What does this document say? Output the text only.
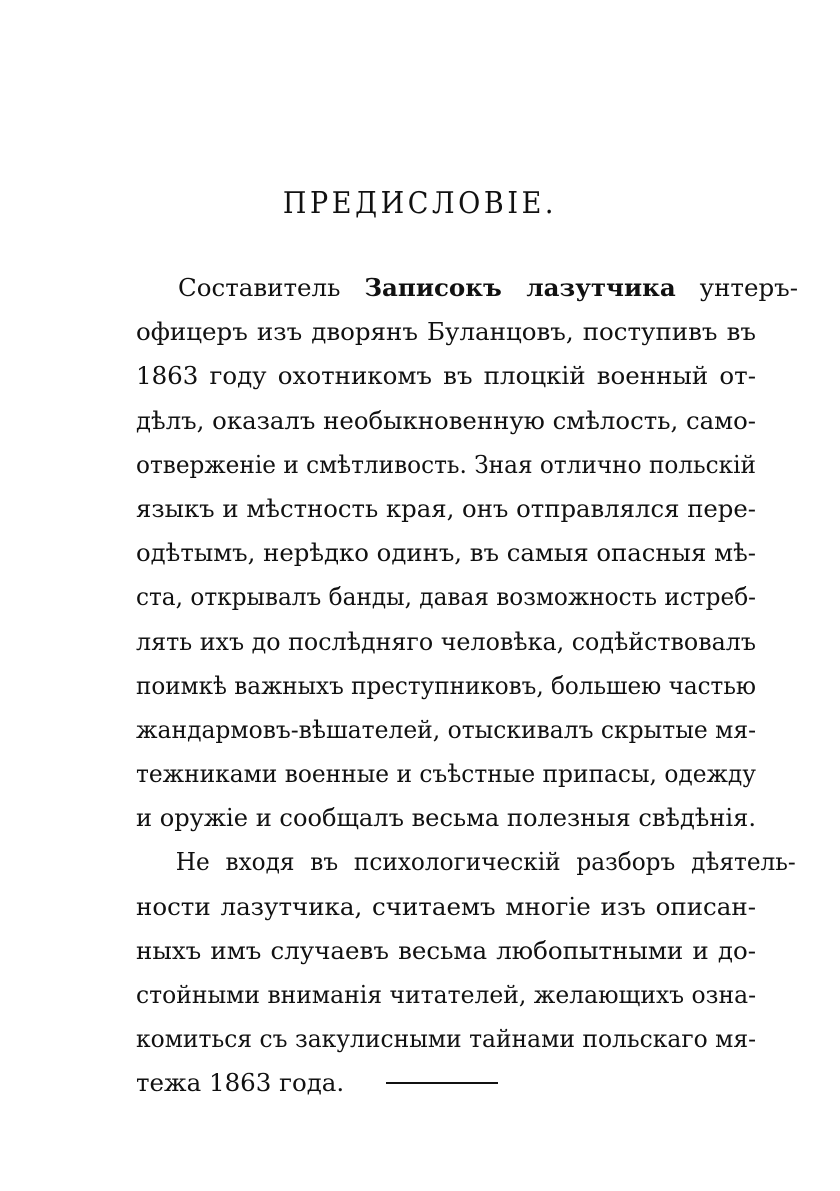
ПРЕДИСЛОВІЕ.
Составитель Записокъ лазутчика унтеръ-
офицеръ изъ дворянъ Буланцовъ, поступивъ въ
1863 году охотникомъ въ плоцкій военный от-
дѣлъ, оказалъ необыкновенную смѣлость, само-
отверженіе и смѣтливость. Зная отлично польскій
языкъ и мѣстность края, онъ отправлялся пере-
одѣтымъ, нерѣдко одинъ, въ самыя опасныя мѣ-
ста, открывалъ банды, давая возможность истреб-
лять ихъ до послѣдняго человѣка, содѣйствовалъ
поимкѣ важныхъ преступниковъ, большею частью
жандармовъ-вѣшателей, отыскивалъ скрытые мя-
тежниками военные и съѣстные припасы, одежду
и оружіе и сообщалъ весьма полезныя свѣдѣнія.
Не входя въ психологическій разборъ дѣятель-
ности лазутчика, считаемъ многіе изъ описан-
ныхъ имъ случаевъ весьма любопытными и до-
стойными вниманія читателей, желающихъ озна-
комиться съ закулисными тайнами польскаго мя-
тежа 1863 года.
